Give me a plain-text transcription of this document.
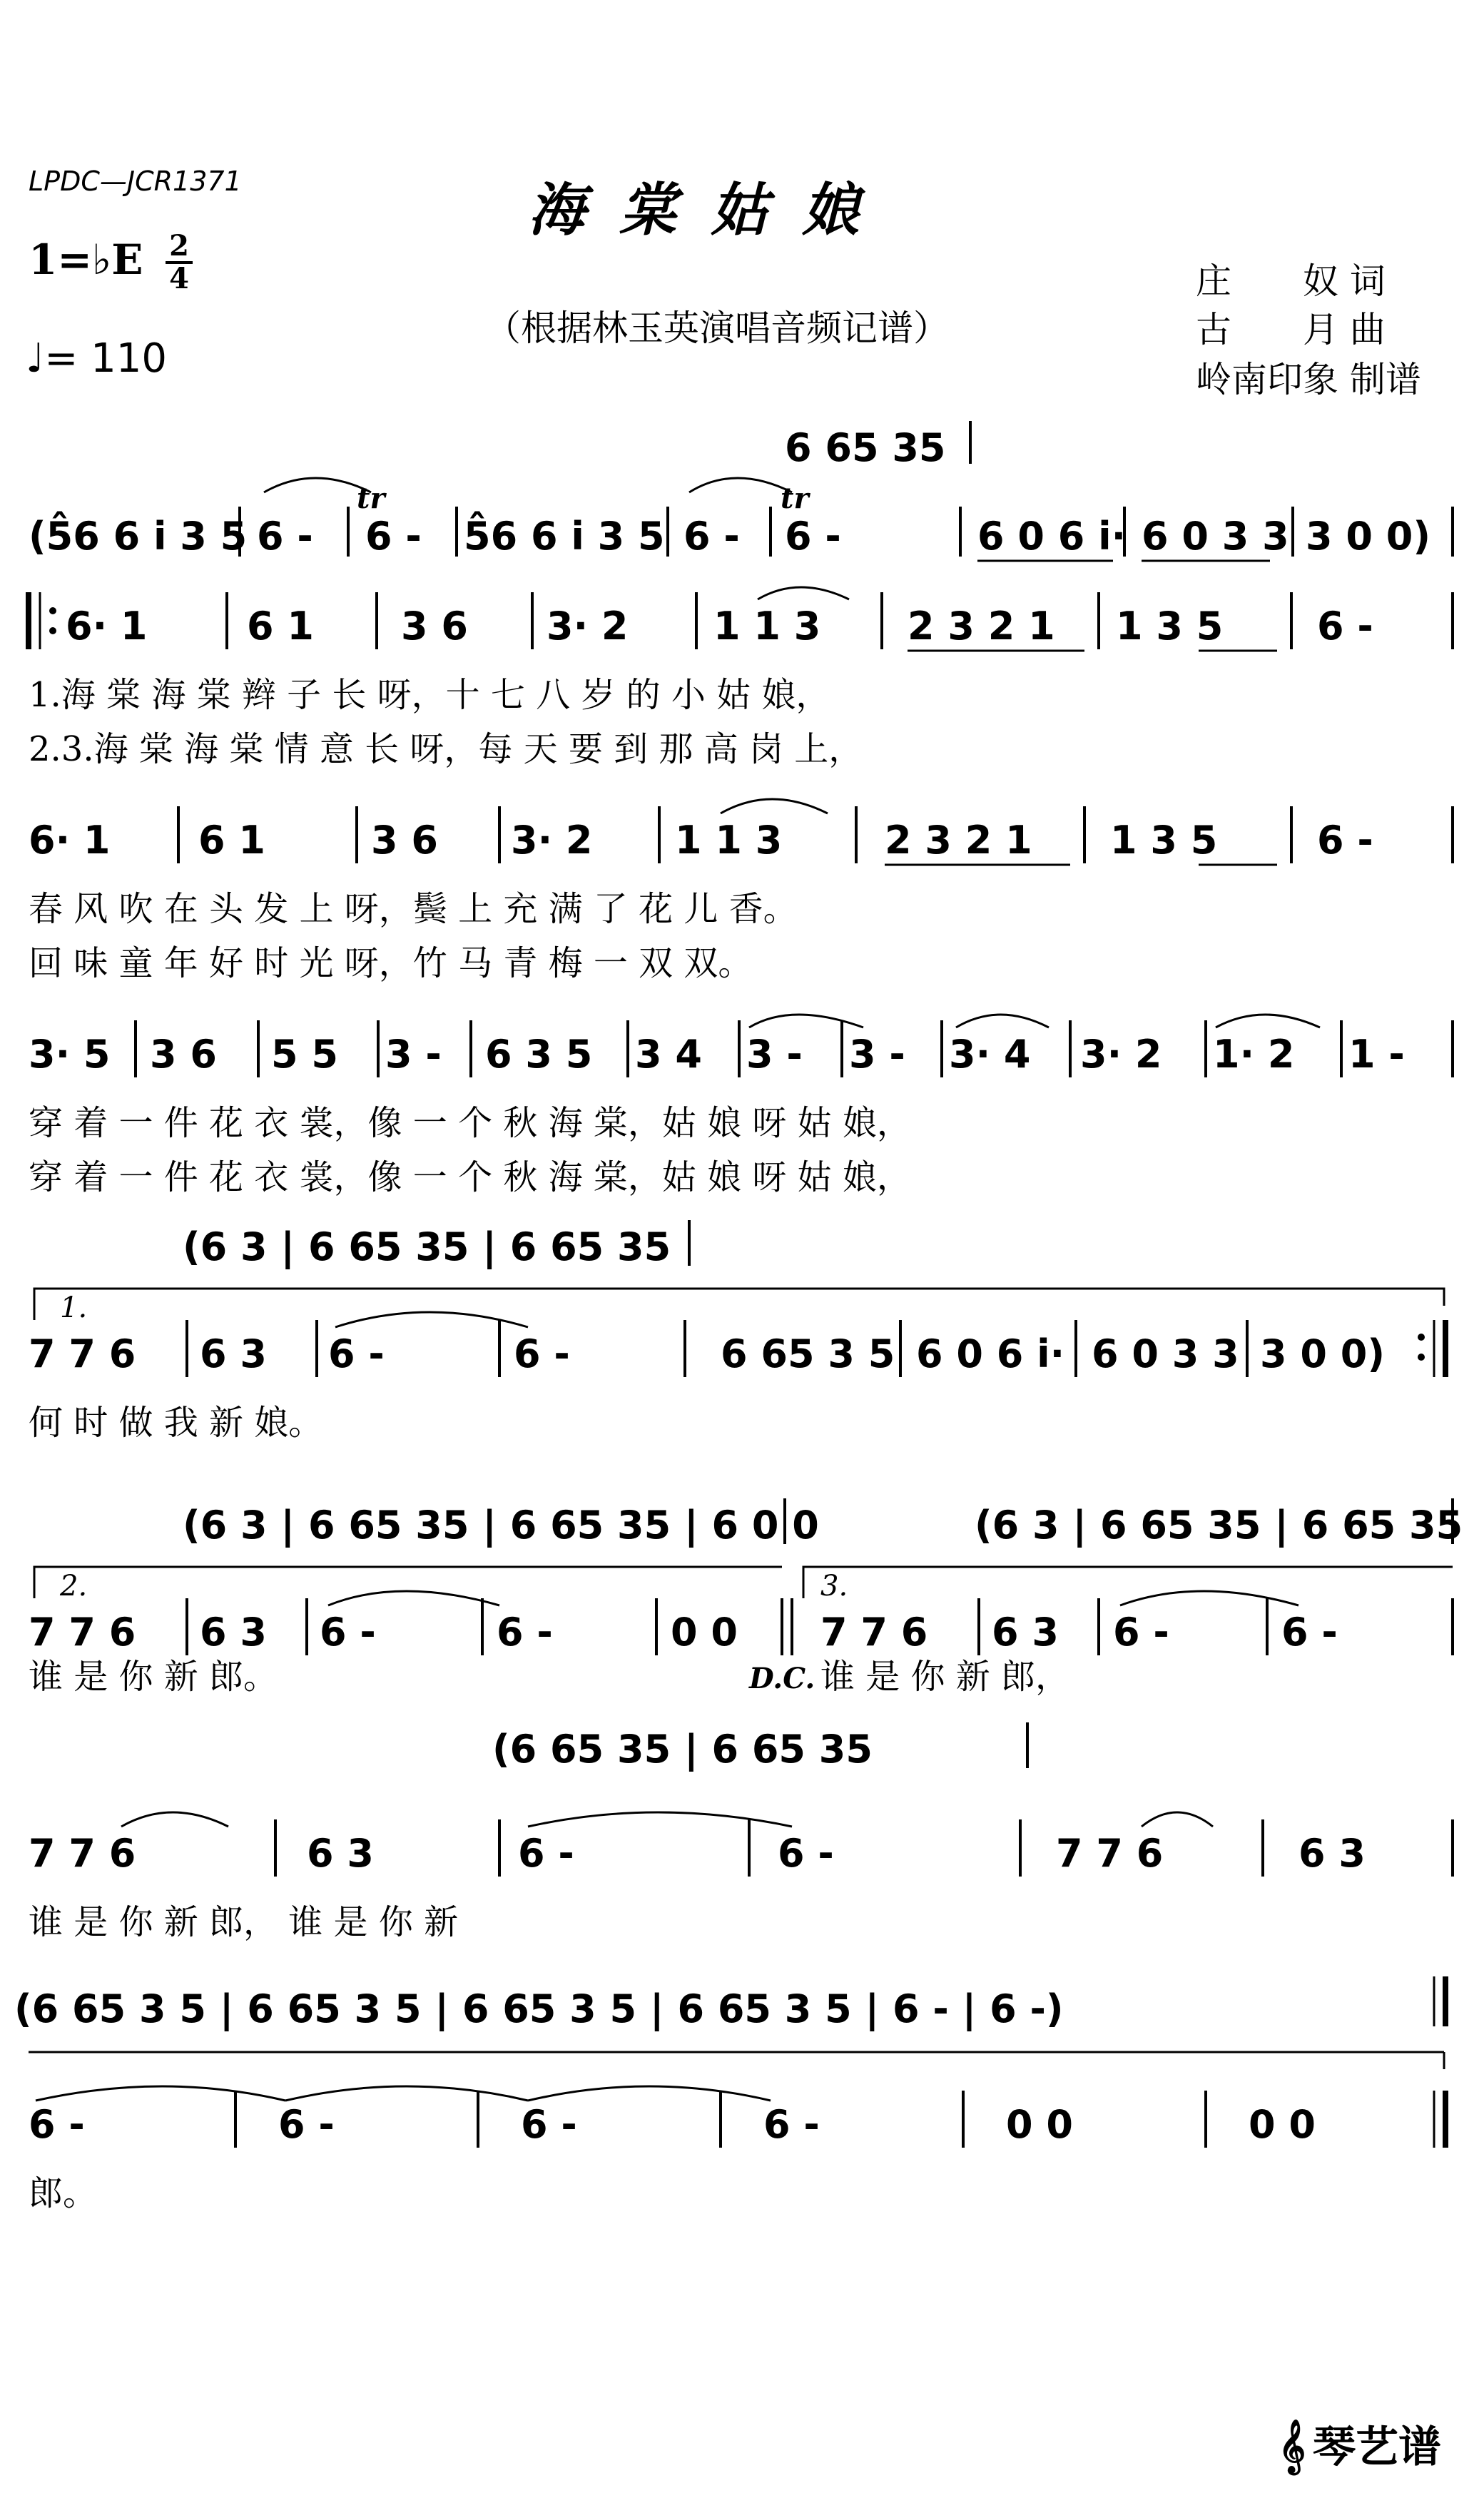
LPDC—JCR1371	海棠姑娘
1=♭E 2
4
♩= 110
（根据林玉英演唱音频记谱）
庄　　奴 词
古　　月 曲
岭南印象 制谱
6 65 35
(5̂6 6 i 3 5 6 - 6 -
tr
5̂6 6 i 3 5 6 - 6 -
tr
6 0 6 i· 6 0 3 3 3 0 0)
6· 1	6 1 3 6 3· 2 1 1 3 2 3 2 1 1 3 5 6 -
1.海 棠 海 棠 辫 子 长 呀，十 七 八 岁 的 小 姑 娘，
2.3.海 棠 海 棠 情 意 长 呀，每 天 要 到 那 高 岗 上，
6· 1 6 1	3 6 3· 2 1 1 3	2 3 2 1 1 3 5	6 -
春 风 吹 在 头 发 上 呀，鬓 上 充 满 了 花 儿 香。
回 味 童 年 好 时 光 呀，竹 马 青 梅 一 双 双。
3· 5 3 6 5 5 3 - 6 3 5 3 4 3 - 3 - 3· 4 3· 2 1· 2 1 -
穿 着 一 件 花 衣 裳，像 一 个 秋 海 棠，姑 娘 呀 姑 娘，
穿 着 一 件 花 衣 裳，像 一 个 秋 海 棠，姑 娘 呀 姑 娘，
(6 3 | 6 65 35 | 6 65 35
1.
7 7 6 6 3 6 -	6 -	6 65 3 5 6 0 6 i· 6 0 3 3 3 0 0)
何 时 做 我 新 娘。
(6 3 | 6 65 35 | 6 65 35 | 6 0 0	(6 3 | 6 65 35 | 6 65 35
2.	3.
7 7 6 6 3 6 -	6 -	0 0 7 7 6 6 3 6 -	6 -
谁 是 你 新 郎。	D.C. 谁 是 你 新 郎，
(6 65 35 | 6 65 35
7 7 6	6 3	6 -	6 -	7 7 6	6 3
谁 是 你 新 郎， 谁 是 你 新
(6 65 3 5 | 6 65 3 5 | 6 65 3 5 | 6 65 3 5 | 6 - | 6 -)
6 -	6 -	6 -	6 -	0 0	0 0
郎。
𝄞 琴艺谱
